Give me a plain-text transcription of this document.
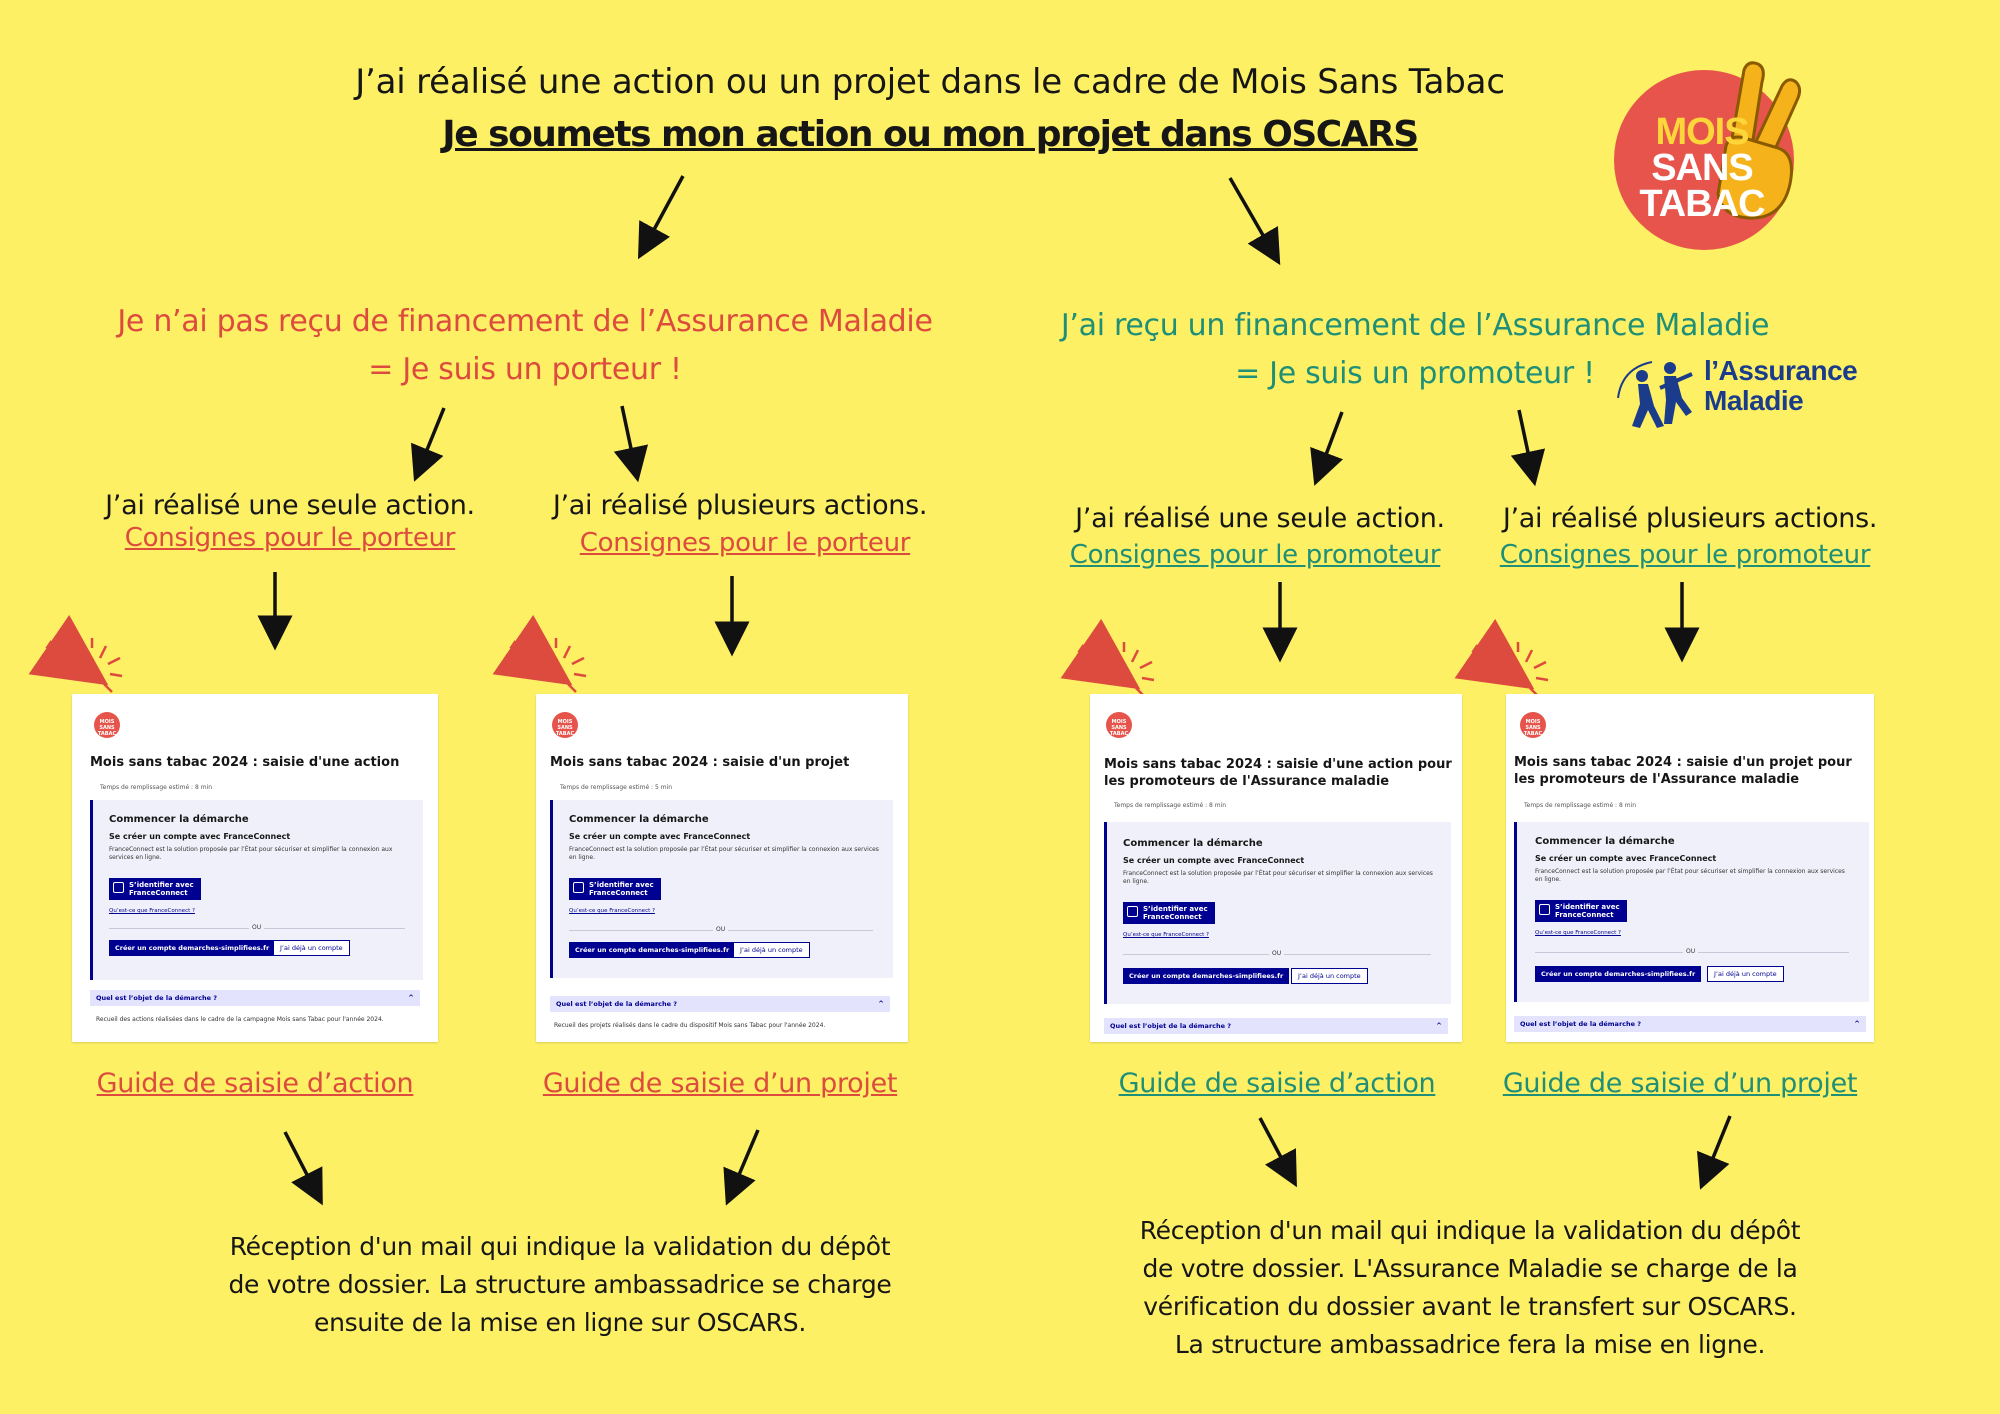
J’ai réalisé une action ou un projet dans le cadre de Mois Sans Tabac
Je soumets mon action ou mon projet dans OSCARS	MOIS
SANS
TABAC
l’Assurance
Maladie
Je n’ai pas reçu de financement de l’Assurance Maladie
= Je suis un porteur !
J’ai reçu un financement de l’Assurance Maladie
= Je suis un promoteur !
J’ai réalisé une seule action.
Consignes pour le porteur
J’ai réalisé plusieurs actions.
Consignes pour le porteur
J’ai réalisé une seule action.
Consignes pour le promoteur
J’ai réalisé plusieurs actions.
Consignes pour le promoteur
MOIS SANS TABAC
Mois sans tabac 2024 : saisie d'une action
Temps de remplissage estimé : 8 min
Commencer la démarche
Se créer un compte avec FranceConnect
FranceConnect est la solution proposée par l’État pour sécuriser et simplifier la connexion aux services en ligne.
S’identifier avec FranceConnect
Qu’est-ce que FranceConnect ?
OU
Créer un compte demarches-simplifiees.fr	J’ai déjà un compte
Quel est l’objet de la démarche ?	^
Recueil des actions réalisées dans le cadre de la campagne Mois sans Tabac pour l'année 2024.
MOIS SANS TABAC
Mois sans tabac 2024 : saisie d'un projet
Temps de remplissage estimé : 5 min
Commencer la démarche
Se créer un compte avec FranceConnect
FranceConnect est la solution proposée par l’État pour sécuriser et simplifier la connexion aux services en ligne.
S’identifier avec FranceConnect
Qu’est-ce que FranceConnect ?
OU
Créer un compte demarches-simplifiees.fr	J’ai déjà un compte
Quel est l’objet de la démarche ?	^
Recueil des projets réalisés dans le cadre du dispositif Mois sans Tabac pour l'année 2024.
MOIS SANS TABAC
Mois sans tabac 2024 : saisie d'une action pour les promoteurs de l'Assurance maladie
Temps de remplissage estimé : 8 min
Commencer la démarche
Se créer un compte avec FranceConnect
FranceConnect est la solution proposée par l’État pour sécuriser et simplifier la connexion aux services en ligne.
S’identifier avec FranceConnect
Qu’est-ce que FranceConnect ?
OU
Créer un compte demarches-simplifiees.fr	J’ai déjà un compte
Quel est l’objet de la démarche ?	^
MOIS SANS TABAC
Mois sans tabac 2024 : saisie d'un projet pour les promoteurs de l'Assurance maladie
Temps de remplissage estimé : 8 min
Commencer la démarche
Se créer un compte avec FranceConnect
FranceConnect est la solution proposée par l’État pour sécuriser et simplifier la connexion aux services en ligne.
S’identifier avec FranceConnect
Qu’est-ce que FranceConnect ?
OU
Créer un compte demarches-simplifiees.fr	J’ai déjà un compte
Quel est l’objet de la démarche ?	^
Guide de saisie d’action	Guide de saisie d’un projet	Guide de saisie d’action	Guide de saisie d’un projet
Réception d'un mail qui indique la validation du dépôt
de votre dossier. La structure ambassadrice se charge
ensuite de la mise en ligne sur OSCARS.
Réception d'un mail qui indique la validation du dépôt
de votre dossier. L'Assurance Maladie se charge de la
vérification du dossier avant le transfert sur OSCARS.
La structure ambassadrice fera la mise en ligne.
